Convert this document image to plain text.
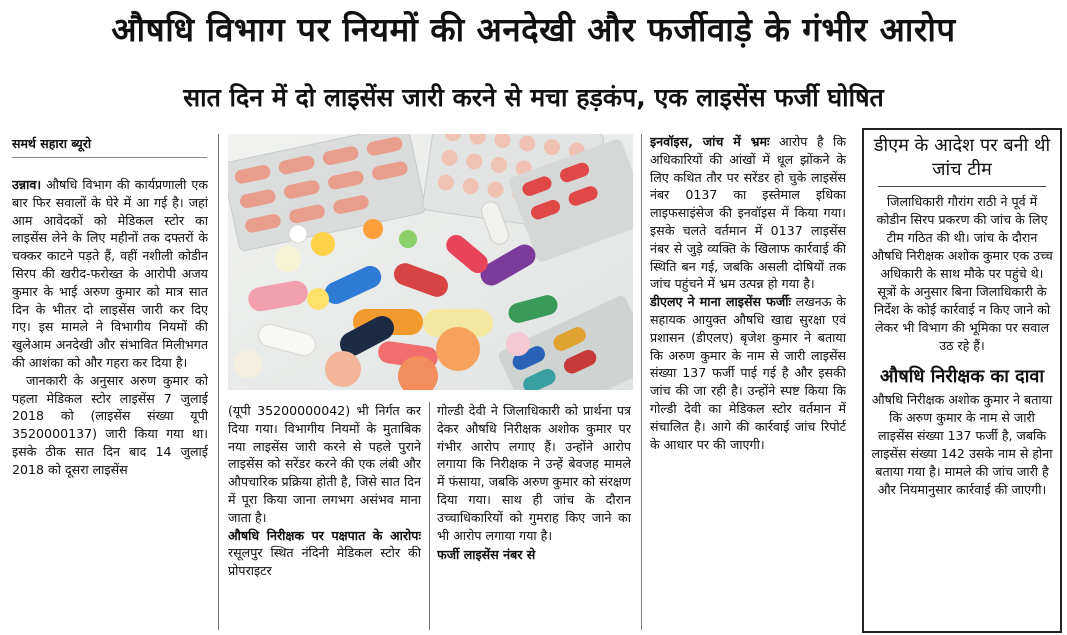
औषधि विभाग पर नियमों की अनदेखी और फर्जीवाड़े के गंभीर आरोप
सात दिन में दो लाइसेंस जारी करने से मचा हड़कंप, एक लाइसेंस फर्जी घोषित
समर्थ सहारा ब्यूरो

उन्नाव। औषधि विभाग की कार्यप्रणाली एक बार फिर सवालों के घेरे में आ गई है। जहां आम आवेदकों को मेडिकल स्टोर का लाइसेंस लेने के लिए महीनों तक दफ्तरों के चक्कर काटने पड़ते हैं, वहीं नशीली कोडीन सिरप की खरीद-फरोख्त के आरोपी अजय कुमार के भाई अरुण कुमार को मात्र सात दिन के भीतर दो लाइसेंस जारी कर दिए गए। इस मामले ने विभागीय नियमों की खुलेआम अनदेखी और संभावित मिलीभगत की आशंका को और गहरा कर दिया है।

जानकारी के अनुसार अरुण कुमार को पहला मेडिकल स्टोर लाइसेंस 7 जुलाई 2018 को (लाइसेंस संख्या यूपी 3520000137) जारी किया गया था। इसके ठीक सात दिन बाद 14 जुलाई 2018 को दूसरा लाइसेंस

(यूपी 35200000042) भी निर्गत कर दिया गया। विभागीय नियमों के मुताबिक नया लाइसेंस जारी करने से पहले पुराने लाइसेंस को सरेंडर करने की एक लंबी और औपचारिक प्रक्रिया होती है, जिसे सात दिन में पूरा किया जाना लगभग असंभव माना जाता है।

औषधि निरीक्षक पर पक्षपात के आरोपः रसूलपुर स्थित नंदिनी मेडिकल स्टोर की प्रोपराइटर

गोल्डी देवी ने जिलाधिकारी को प्रार्थना पत्र देकर औषधि निरीक्षक अशोक कुमार पर गंभीर आरोप लगाए हैं। उन्होंने आरोप लगाया कि निरीक्षक ने उन्हें बेवजह मामले में फंसाया, जबकि अरुण कुमार को संरक्षण दिया गया। साथ ही जांच के दौरान उच्चाधिकारियों को गुमराह किए जाने का भी आरोप लगाया गया है।

फर्जी लाइसेंस नंबर से

इनवॉइस, जांच में भ्रमः आरोप है कि अधिकारियों की आंखों में धूल झोंकने के लिए कथित तौर पर सरेंडर हो चुके लाइसेंस नंबर 0137 का इस्तेमाल इधिका लाइफसाइंसेज की इनवॉइस में किया गया। इसके चलते वर्तमान में 0137 लाइसेंस नंबर से जुड़े व्यक्ति के खिलाफ कार्रवाई की स्थिति बन गई, जबकि असली दोषियों तक जांच पहुंचने में भ्रम उत्पन्न हो गया है।

डीएलए ने माना लाइसेंस फर्जीः लखनऊ के सहायक आयुक्त औषधि खाद्य सुरक्षा एवं प्रशासन (डीएलए) बृजेश कुमार ने बताया कि अरुण कुमार के नाम से जारी लाइसेंस संख्या 137 फर्जी पाई गई है और इसकी जांच की जा रही है। उन्होंने स्पष्ट किया कि गोल्डी देवी का मेडिकल स्टोर वर्तमान में संचालित है। आगे की कार्रवाई जांच रिपोर्ट के आधार पर की जाएगी।

डीएम के आदेश पर बनी थी जांच टीम

जिलाधिकारी गौरांग राठी ने पूर्व में कोडीन सिरप प्रकरण की जांच के लिए टीम गठित की थी। जांच के दौरान औषधि निरीक्षक अशोक कुमार एक उच्च अधिकारी के साथ मौके पर पहुंचे थे। सूत्रों के अनुसार बिना जिलाधिकारी के निर्देश के कोई कार्रवाई न किए जाने को लेकर भी विभाग की भूमिका पर सवाल उठ रहे हैं।

औषधि निरीक्षक का दावा

औषधि निरीक्षक अशोक कुमार ने बताया कि अरुण कुमार के नाम से जारी लाइसेंस संख्या 137 फर्जी है, जबकि लाइसेंस संख्या 142 उसके नाम से होना बताया गया है। मामले की जांच जारी है और नियमानुसार कार्रवाई की जाएगी।
